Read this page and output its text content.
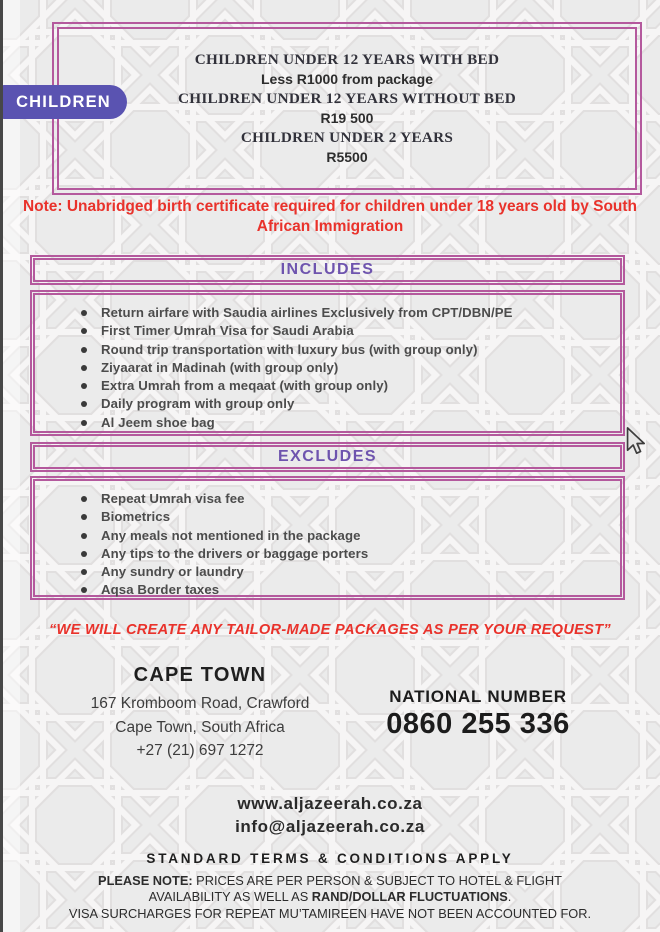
CHILDREN UNDER 12 YEARS WITH BED
Less R1000 from package
CHILDREN UNDER 12 YEARS WITHOUT BED
R19 500
CHILDREN UNDER 2 YEARS
R5500
CHILDREN
Note: Unabridged birth certificate required for children under 18 years old by South African Immigration
INCLUDES
Return airfare with Saudia airlines Exclusively from CPT/DBN/PE
First Timer Umrah Visa for Saudi Arabia
Round trip transportation with luxury bus (with group only)
Ziyaarat in Madinah (with group only)
Extra Umrah from a meqaat (with group only)
Daily program with group only
Al Jeem shoe bag
EXCLUDES
Repeat Umrah visa fee
Biometrics
Any meals not mentioned in the package
Any tips to the drivers or baggage porters
Any sundry or laundry
Aqsa Border taxes
“WE WILL CREATE ANY TAILOR-MADE PACKAGES AS PER YOUR REQUEST”
CAPE TOWN
167 Kromboom Road, Crawford
Cape Town, South Africa
+27 (21) 697 1272
NATIONAL NUMBER
0860 255 336
www.aljazeerah.co.za
info@aljazeerah.co.za
STANDARD TERMS & CONDITIONS APPLY
PLEASE NOTE: PRICES ARE PER PERSON & SUBJECT TO HOTEL & FLIGHT AVAILABILITY AS WELL AS RAND/DOLLAR FLUCTUATIONS.
VISA SURCHARGES FOR REPEAT MU’TAMIREEN HAVE NOT BEEN ACCOUNTED FOR.
